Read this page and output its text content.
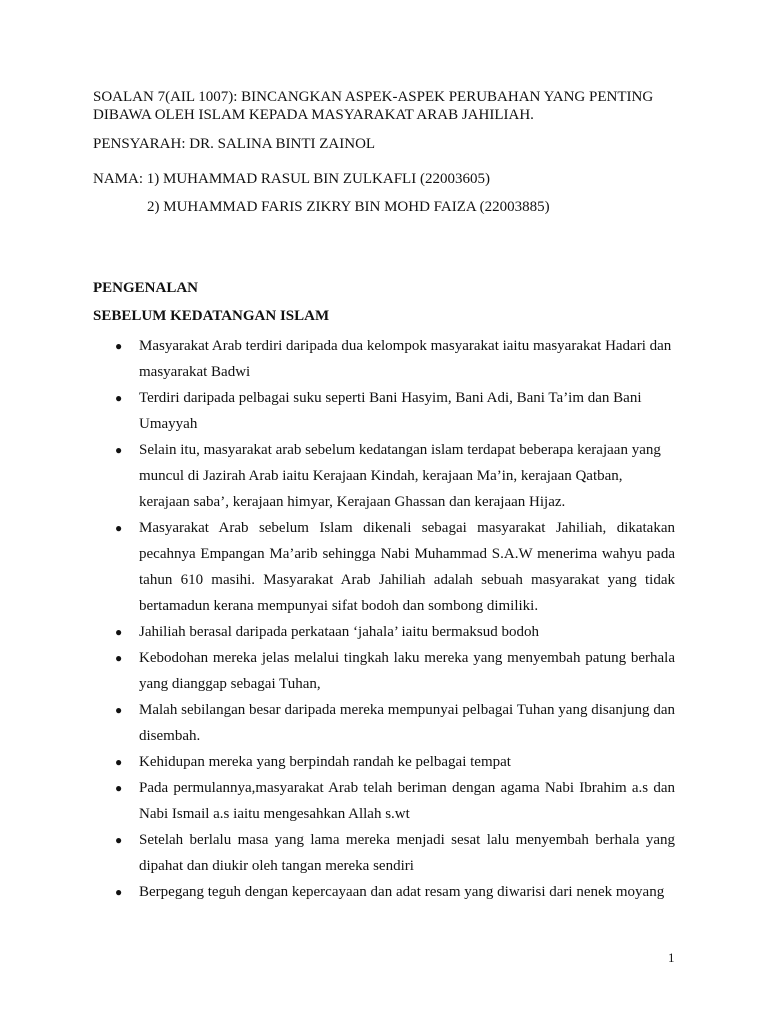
SOALAN 7(AIL 1007): BINCANGKAN ASPEK-ASPEK PERUBAHAN YANG PENTING
DIBAWA OLEH ISLAM KEPADA MASYARAKAT ARAB JAHILIAH.
PENSYARAH: DR. SALINA BINTI ZAINOL
NAMA: 1) MUHAMMAD RASUL BIN ZULKAFLI (22003605)
2) MUHAMMAD FARIS ZIKRY BIN MOHD FAIZA (22003885)
PENGENALAN
SEBELUM KEDATANGAN ISLAM
● Masyarakat Arab terdiri daripada dua kelompok masyarakat iaitu masyarakat Hadari dan masyarakat Badwi
● Terdiri daripada pelbagai suku seperti Bani Hasyim, Bani Adi, Bani Ta’im dan Bani Umayyah
● Selain itu, masyarakat arab sebelum kedatangan islam terdapat beberapa kerajaan yang muncul di Jazirah Arab iaitu Kerajaan Kindah, kerajaan Ma’in, kerajaan Qatban, kerajaan saba’, kerajaan himyar, Kerajaan Ghassan dan kerajaan Hijaz.
● Masyarakat Arab sebelum Islam dikenali sebagai masyarakat Jahiliah, dikatakan pecahnya Empangan Ma’arib sehingga Nabi Muhammad S.A.W menerima wahyu pada tahun 610 masihi. Masyarakat Arab Jahiliah adalah sebuah masyarakat yang tidak bertamadun kerana mempunyai sifat bodoh dan sombong dimiliki.
● Jahiliah berasal daripada perkataan ‘jahala’ iaitu bermaksud bodoh
● Kebodohan mereka jelas melalui tingkah laku mereka yang menyembah patung berhala yang dianggap sebagai Tuhan,
● Malah sebilangan besar daripada mereka mempunyai pelbagai Tuhan yang disanjung dan disembah.
● Kehidupan mereka yang berpindah randah ke pelbagai tempat
● Pada permulannya,masyarakat Arab telah beriman dengan agama Nabi Ibrahim a.s dan Nabi Ismail a.s iaitu mengesahkan Allah s.wt
● Setelah berlalu masa yang lama mereka menjadi sesat lalu menyembah berhala yang dipahat dan diukir oleh tangan mereka sendiri
● Berpegang teguh dengan kepercayaan dan adat resam yang diwarisi dari nenek moyang
1
